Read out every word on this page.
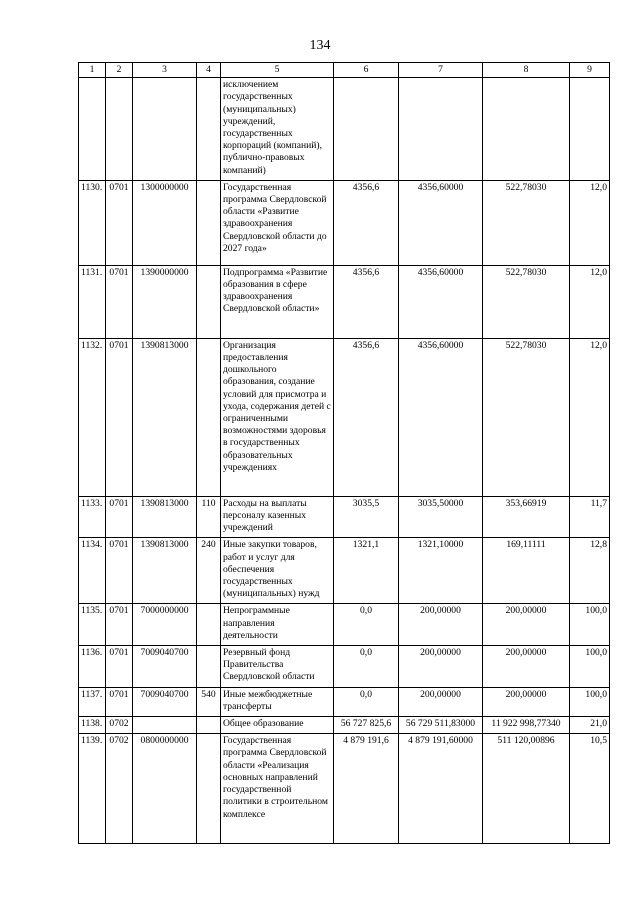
134
1	2	3	4	5	6	7	8	9
				исключением государственных (муниципальных) учреждений, государственных корпораций (компаний), публично-правовых компаний)				
1130.	0701	1300000000		Государственная программа Свердловской области «Развитие здравоохранения Свердловской области до 2027 года»	4356,6	4356,60000	522,78030	12,0
1131.	0701	1390000000		Подпрограмма «Развитие образования в сфере здравоохранения Свердловской области»	4356,6	4356,60000	522,78030	12,0
1132.	0701	1390813000		Организация предоставления дошкольного образования, создание условий для присмотра и ухода, содержания детей с ограниченными возможностями здоровья в государственных образовательных учреждениях	4356,6	4356,60000	522,78030	12,0
1133.	0701	1390813000	110	Расходы на выплаты персоналу казенных учреждений	3035,5	3035,50000	353,66919	11,7
1134.	0701	1390813000	240	Иные закупки товаров, работ и услуг для обеспечения государственных (муниципальных) нужд	1321,1	1321,10000	169,11111	12,8
1135.	0701	7000000000		Непрограммные направления деятельности	0,0	200,00000	200,00000	100,0
1136.	0701	7009040700		Резервный фонд Правительства Свердловской области	0,0	200,00000	200,00000	100,0
1137.	0701	7009040700	540	Иные межбюджетные трансферты	0,0	200,00000	200,00000	100,0
1138.	0702			Общее образование	56 727 825,6	56 729 511,83000	11 922 998,77340	21,0
1139.	0702	0800000000		Государственная программа Свердловской области «Реализация основных направлений государственной политики в строительном комплексе	4 879 191,6	4 879 191,60000	511 120,00896	10,5
